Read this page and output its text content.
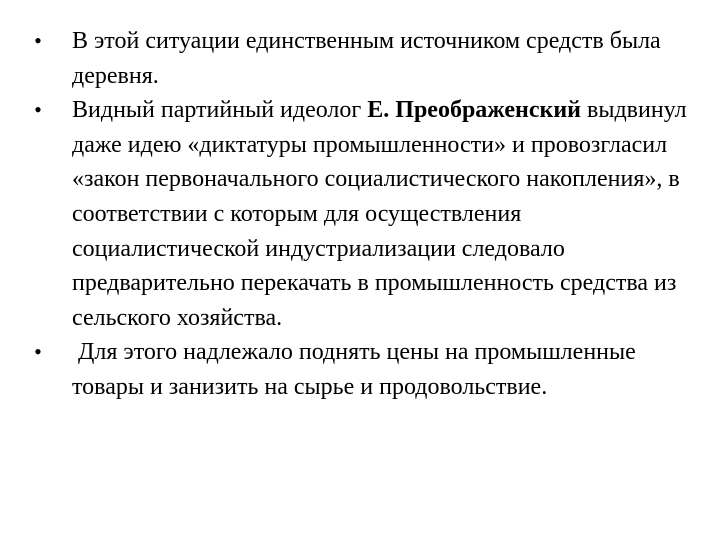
• В этой ситуации единственным источником средств была деревня.
• Видный партийный идеолог Е. Преображенский выдвинул даже идею «диктатуры промышленности» и провозгласил «закон первоначального социалистического накопления», в соответствии с которым для осуществления социалистической индустриализации следовало предварительно перекачать в промышленность средства из сельского хозяйства.
• Для этого надлежало поднять цены на промышленные товары и занизить на сырье и продовольствие.
